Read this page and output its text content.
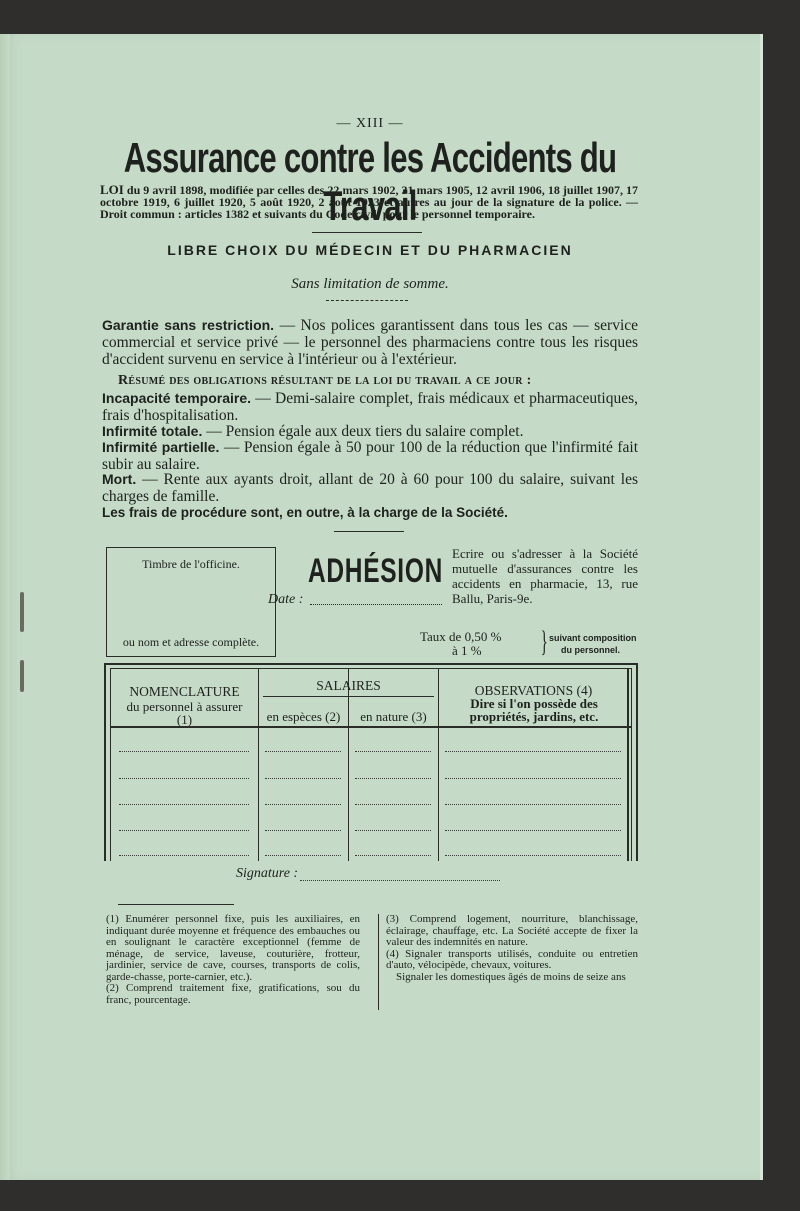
— XIII —
Assurance contre les Accidents du Travail
LOI du 9 avril 1898, modifiée par celles des 22 mars 1902, 31 mars 1905, 12 avril 1906, 18 juillet 1907, 17 octobre 1919, 6 juillet 1920, 5 août 1920, 2 août 1923 et autres au jour de la signature de la police. — Droit commun : articles 1382 et suivants du Code civil, pour le personnel temporaire.
LIBRE CHOIX DU MÉDECIN ET DU PHARMACIEN
Sans limitation de somme.
Garantie sans restriction. — Nos polices garantissent dans tous les cas — service commercial et service privé — le personnel des pharmaciens contre tous les risques d'accident survenu en service à l'intérieur ou à l'extérieur.
Résumé des obligations résultant de la loi du travail a ce jour :
Incapacité temporaire. — Demi-salaire complet, frais médicaux et pharmaceutiques, frais d'hospitalisation.
Infirmité totale. — Pension égale aux deux tiers du salaire complet.
Infirmité partielle. — Pension égale à 50 pour 100 de la réduction que l'infirmité fait subir au salaire.
Mort. — Rente aux ayants droit, allant de 20 à 60 pour 100 du salaire, suivant les charges de famille.
Les frais de procédure sont, en outre, à la charge de la Société.
Timbre de l'officine.
ou nom et adresse complète.
ADHÉSION
Date :
Ecrire ou s'adresser à la Société mutuelle d'assurances contre les accidents en pharmacie, 13, rue Ballu, Paris-9e.
Taux de 0,50 %
à 1 %	} suivant composition
du personnel.
NOMENCLATURE
du personnel à assurer (1)
SALAIRES
en espèces (2)	en nature (3)
OBSERVATIONS (4)
Dire si l'on possède des propriétés, jardins, etc.
Signature :
(1) Enumérer personnel fixe, puis les auxiliaires, en indiquant durée moyenne et fréquence des embauches ou en soulignant le caractère exceptionnel (femme de ménage, de service, laveuse, couturière, frotteur, jardinier, service de cave, courses, transports de colis, garde-chasse, porte-carnier, etc.).
(2) Comprend traitement fixe, gratifications, sou du franc, pourcentage.
(3) Comprend logement, nourriture, blanchissage, éclairage, chauffage, etc. La Société accepte de fixer la valeur des indemnités en nature.
(4) Signaler transports utilisés, conduite ou entretien d'auto, vélocipède, chevaux, voitures.
Signaler les domestiques âgés de moins de seize ans
